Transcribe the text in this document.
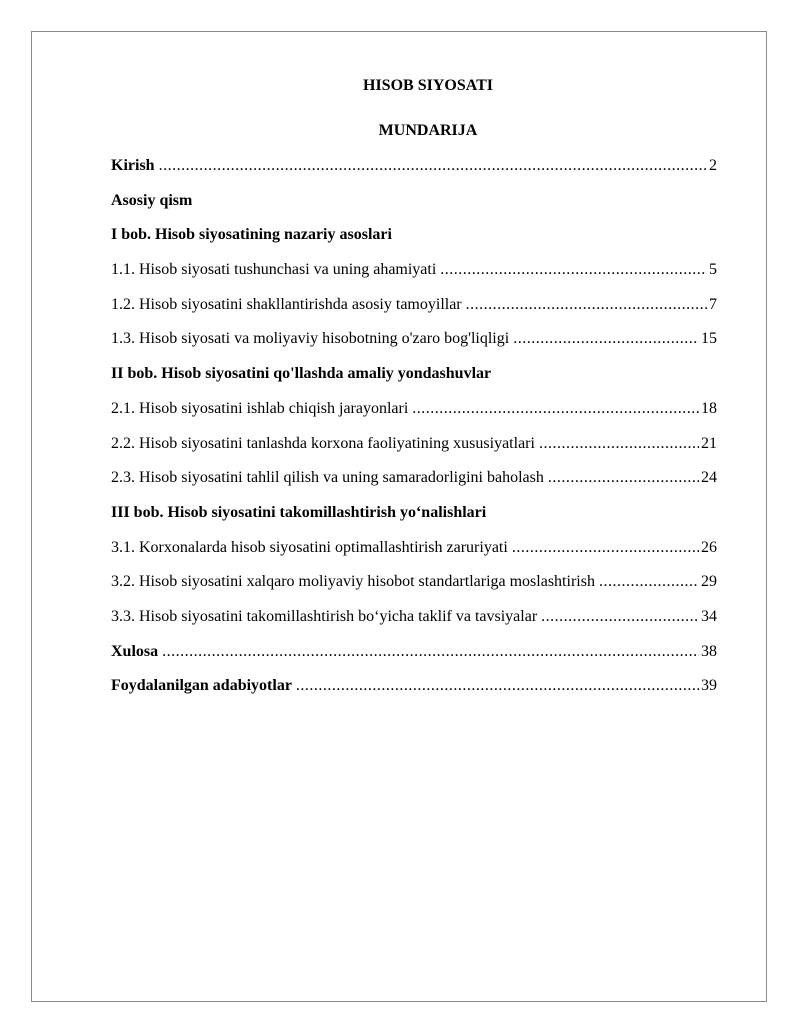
HISOB SIYOSATI
MUNDARIJA
Kirish .....	2
Asosiy qism
I bob. Hisob siyosatining nazariy asoslari
1.1. Hisob siyosati tushunchasi va uning ahamiyati .....	5
1.2. Hisob siyosatini shakllantirishda asosiy tamoyillar .....	7
1.3. Hisob siyosati va moliyaviy hisobotning o'zaro bog'liqligi .....	15
II bob. Hisob siyosatini qo'llashda amaliy yondashuvlar
2.1. Hisob siyosatini ishlab chiqish jarayonlari .....	18
2.2. Hisob siyosatini tanlashda korxona faoliyatining xususiyatlari .....	21
2.3. Hisob siyosatini tahlil qilish va uning samaradorligini baholash .....	24
III bob. Hisob siyosatini takomillashtirish yo‘nalishlari
3.1. Korxonalarda hisob siyosatini optimallashtirish zaruriyati .....	26
3.2. Hisob siyosatini xalqaro moliyaviy hisobot standartlariga moslashtirish .....	29
3.3. Hisob siyosatini takomillashtirish bo‘yicha taklif va tavsiyalar .....	34
Xulosa .....	38
Foydalanilgan adabiyotlar .....	39
